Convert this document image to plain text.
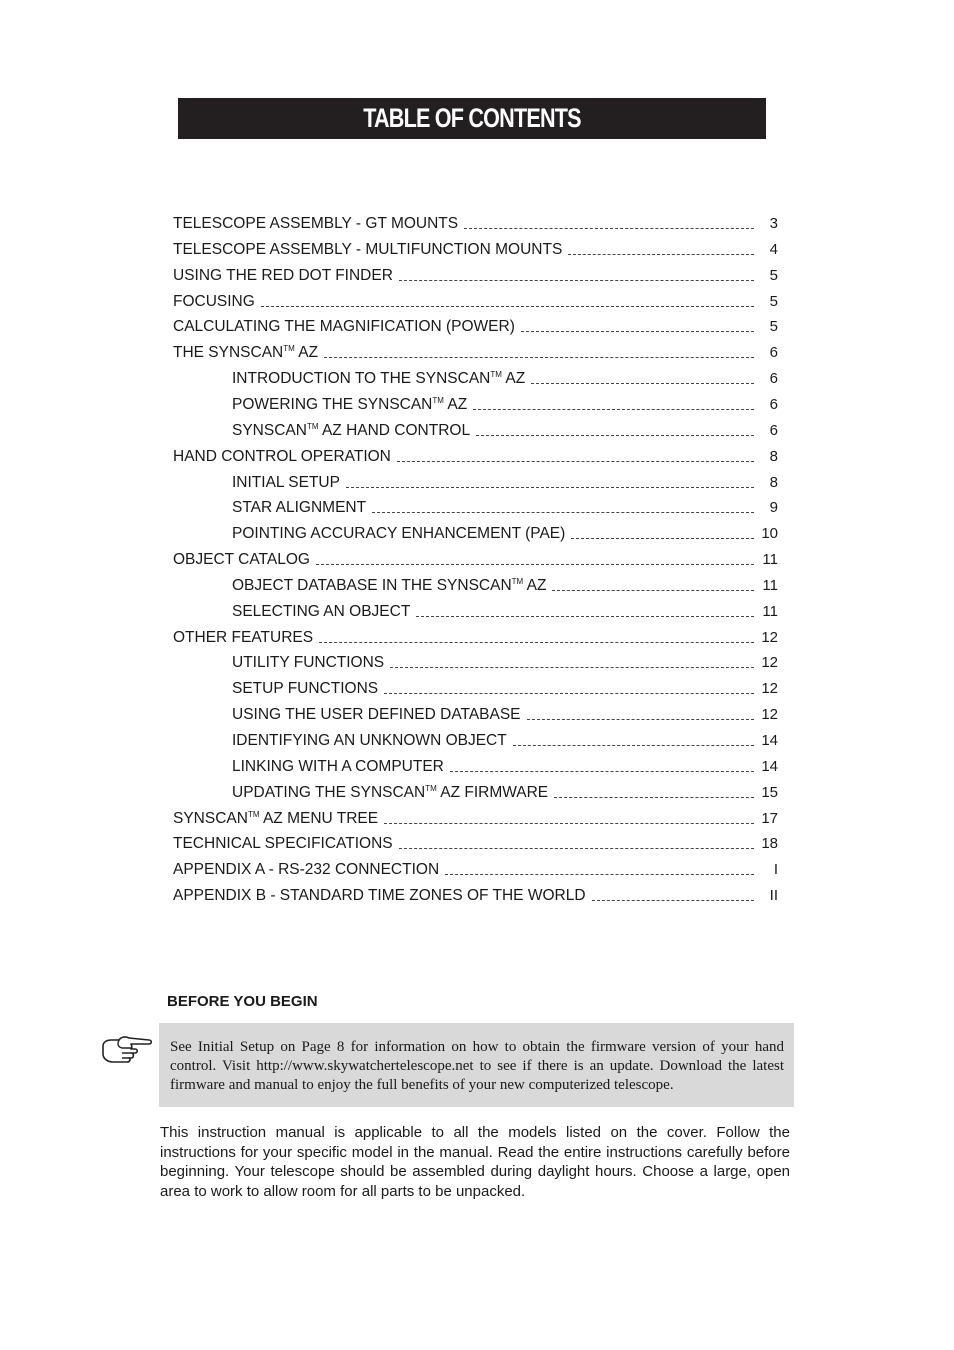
TABLE OF CONTENTS
TELESCOPE ASSEMBLY - GT MOUNTS	3
TELESCOPE ASSEMBLY - MULTIFUNCTION MOUNTS	4
USING THE RED DOT FINDER	5
FOCUSING	5
CALCULATING THE MAGNIFICATION (POWER)	5
THE SYNSCAN™ AZ	6
INTRODUCTION TO THE SYNSCAN™ AZ	6
POWERING THE SYNSCAN™ AZ	6
SYNSCAN™ AZ HAND CONTROL	6
HAND CONTROL OPERATION	8
INITIAL SETUP	8
STAR ALIGNMENT	9
POINTING ACCURACY ENHANCEMENT (PAE)	10
OBJECT CATALOG	11
OBJECT DATABASE IN THE SYNSCAN™ AZ	11
SELECTING AN OBJECT	11
OTHER FEATURES	12
UTILITY FUNCTIONS	12
SETUP FUNCTIONS	12
USING THE USER DEFINED DATABASE	12
IDENTIFYING AN UNKNOWN OBJECT	14
LINKING WITH A COMPUTER	14
UPDATING THE SYNSCAN™ AZ FIRMWARE	15
SYNSCAN™ AZ MENU TREE	17
TECHNICAL SPECIFICATIONS	18
APPENDIX A - RS-232 CONNECTION	I
APPENDIX B - STANDARD TIME ZONES OF THE WORLD	II
BEFORE YOU BEGIN
See Initial Setup on Page 8 for information on how to obtain the firmware version of your hand control. Visit http://www.skywatchertelescope.net to see if there is an update. Download the latest firmware and manual to enjoy the full benefits of your new computerized telescope.
This instruction manual is applicable to all the models listed on the cover. Follow the instructions for your specific model in the manual. Read the entire instructions carefully before beginning. Your telescope should be assembled during daylight hours. Choose a large, open area to work to allow room for all parts to be unpacked.
